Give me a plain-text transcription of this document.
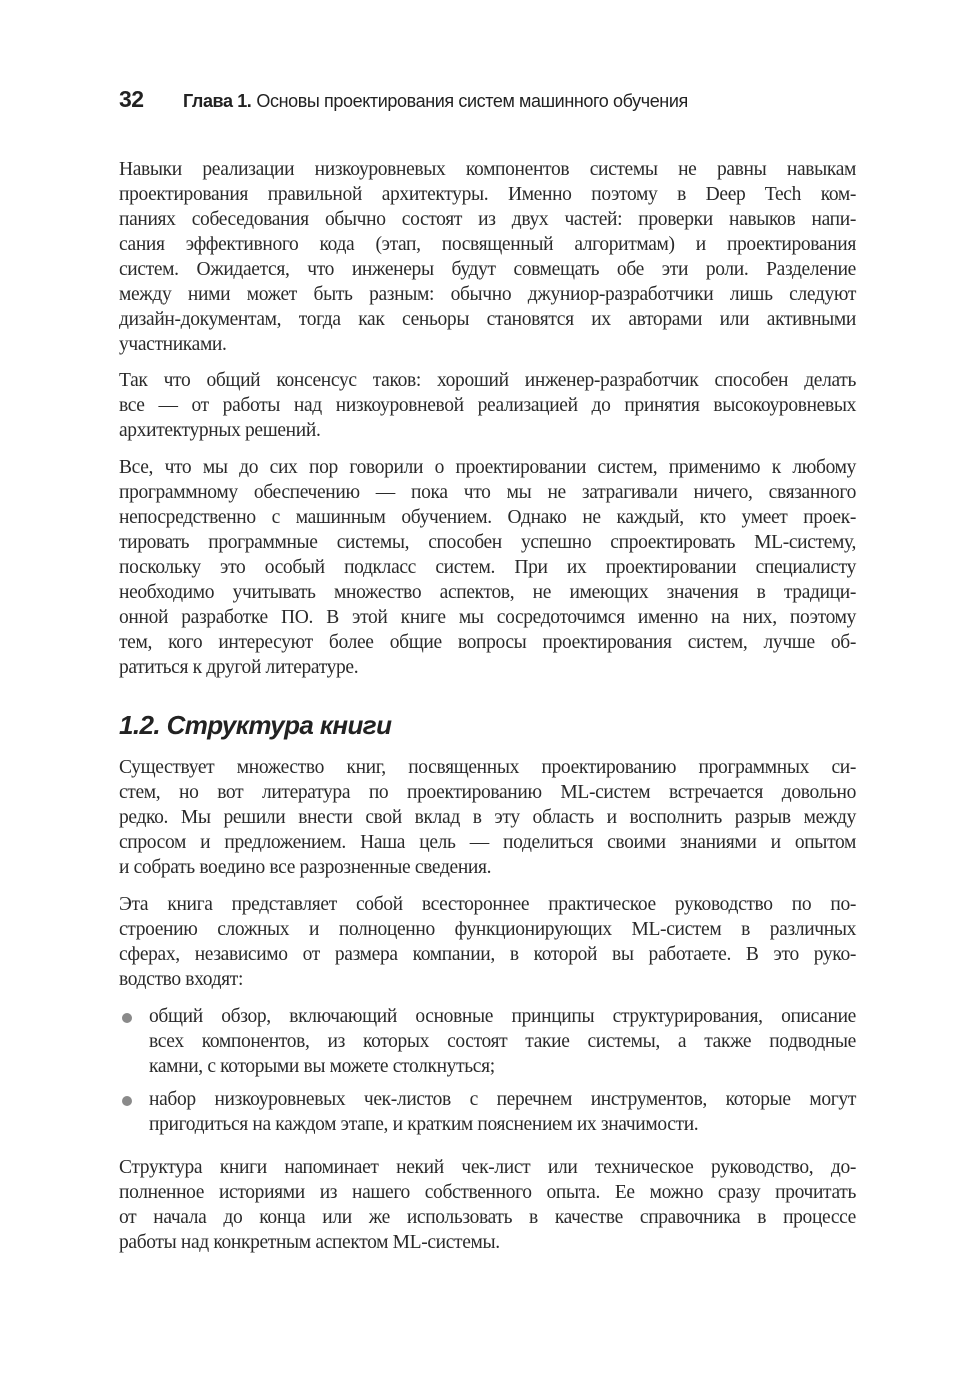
32	Глава 1. Основы проектирования систем машинного обучения
Навыки реализации низкоуровневых компонентов системы не равны навыкам
проектирования правильной архитектуры. Именно поэтому в Deep Tech ком-
паниях собеседования обычно состоят из двух частей: проверки навыков напи-
сания эффективного кода (этап, посвященный алгоритмам) и проектирования
систем. Ожидается, что инженеры будут совмещать обе эти роли. Разделение
между ними может быть разным: обычно джуниор-разработчики лишь следуют
дизайн-документам, тогда как сеньоры становятся их авторами или активными
участниками.
Так что общий консенсус таков: хороший инженер-разработчик способен делать
все — от работы над низкоуровневой реализацией до принятия высокоуровневых
архитектурных решений.
Все, что мы до сих пор говорили о проектировании систем, применимо к любому
программному обеспечению — пока что мы не затрагивали ничего, связанного
непосредственно с машинным обучением. Однако не каждый, кто умеет проек-
тировать программные системы, способен успешно спроектировать ML-систему,
поскольку это особый подкласс систем. При их проектировании специалисту
необходимо учитывать множество аспектов, не имеющих значения в традици-
онной разработке ПО. В этой книге мы сосредоточимся именно на них, поэтому
тем, кого интересуют более общие вопросы проектирования систем, лучше об-
ратиться к другой литературе.
1.2. Структура книги
Существует множество книг, посвященных проектированию программных си-
стем, но вот литература по проектированию ML-систем встречается довольно
редко. Мы решили внести свой вклад в эту область и восполнить разрыв между
спросом и предложением. Наша цель — поделиться своими знаниями и опытом
и собрать воедино все разрозненные сведения.
Эта книга представляет собой всестороннее практическое руководство по по-
строению сложных и полноценно функционирующих ML-систем в различных
сферах, независимо от размера компании, в которой вы работаете. В это руко-
водство входят:
общий обзор, включающий основные принципы структурирования, описание
всех компонентов, из которых состоят такие системы, а также подводные
камни, с которыми вы можете столкнуться;
набор низкоуровневых чек-листов с перечнем инструментов, которые могут
пригодиться на каждом этапе, и кратким пояснением их значимости.
Структура книги напоминает некий чек-лист или техническое руководство, до-
полненное историями из нашего собственного опыта. Ее можно сразу прочитать
от начала до конца или же использовать в качестве справочника в процессе
работы над конкретным аспектом ML-системы.
